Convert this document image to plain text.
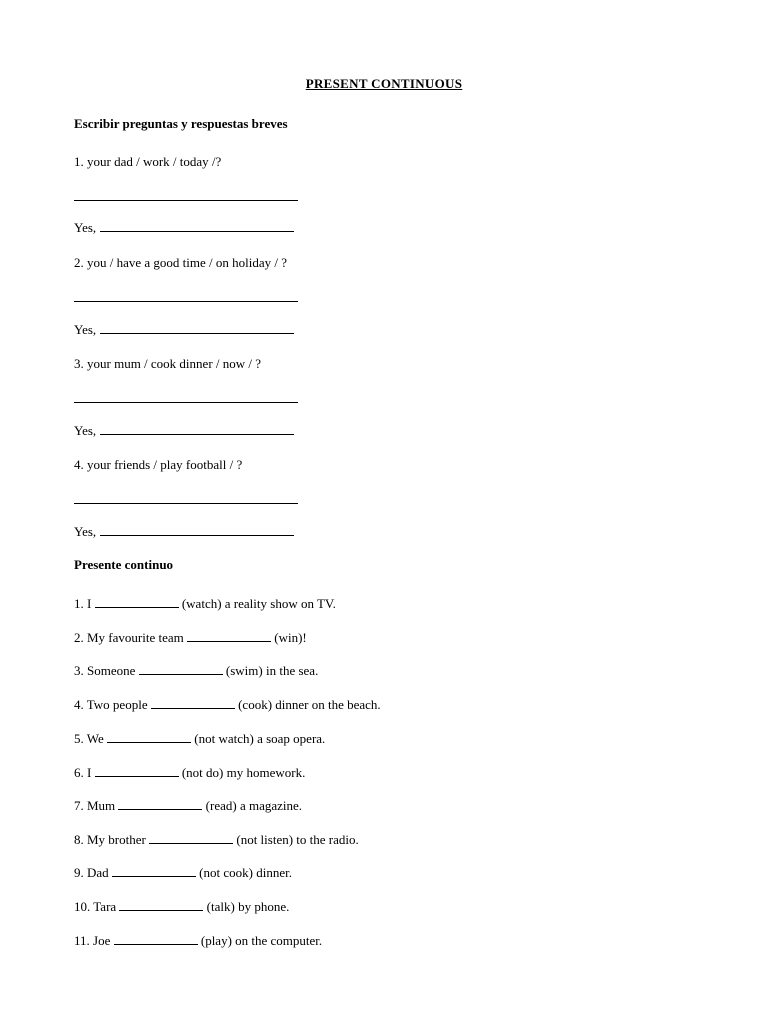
PRESENT CONTINUOUS
Escribir preguntas y respuestas breves
1. your dad / work / today /?
Yes,
2. you / have a good time / on holiday / ?
Yes,
3. your mum / cook dinner / now / ?
Yes,
4. your friends / play football / ?
Yes,
Presente continuo
1. I	(watch) a reality show on TV.
2. My favourite team	(win)!
3. Someone	(swim) in the sea.
4. Two people	(cook) dinner on the beach.
5. We	(not watch) a soap opera.
6. I	(not do) my homework.
7. Mum	(read) a magazine.
8. My brother	(not listen) to the radio.
9. Dad	(not cook) dinner.
10. Tara	(talk) by phone.
11. Joe	(play) on the computer.
